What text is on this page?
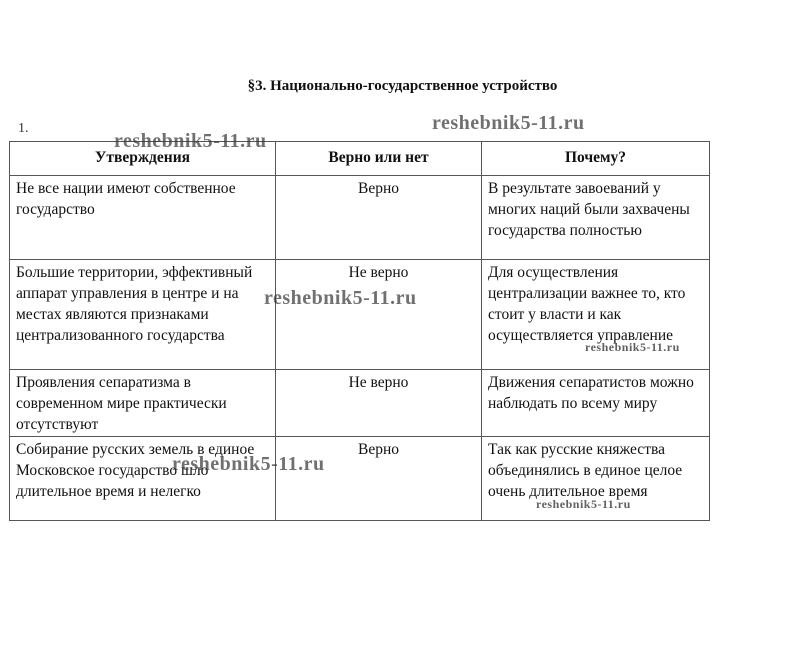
§3. Национально-государственное устройство
1.
Утверждения	Верно или нет	Почему?
Не все нации имеют собственное государство	Верно	В результате завоеваний у многих наций были захвачены государства полностью
Большие территории, эффективный аппарат управления в центре и на местах являются признаками централизованного государства	Не верно	Для осуществления централизации важнее то, кто стоит у власти и как осуществляется управление
Проявления сепаратизма в современном мире практически отсутствуют	Не верно	Движения сепаратистов можно наблюдать по всему миру
Собирание русских земель в единое Московское государство шло длительное время и нелегко	Верно	Так как русские княжества объединялись в единое целое очень длительное время
reshebnik5-11.ru
reshebnik5-11.ru
reshebnik5-11.ru
reshebnik5-11.ru
reshebnik5-11.ru
reshebnik5-11.ru
